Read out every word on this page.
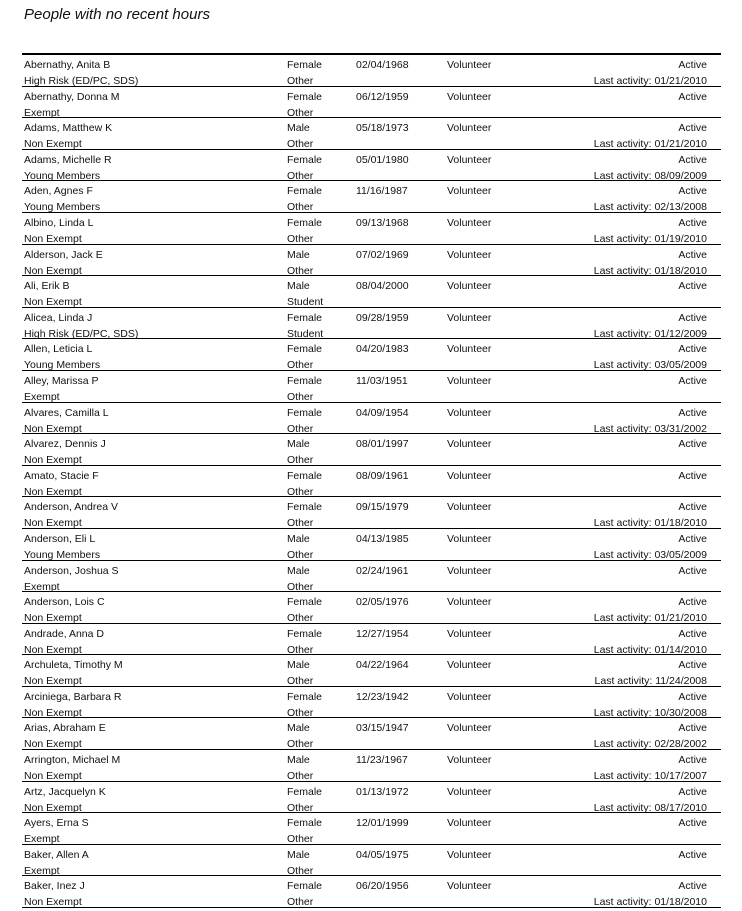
People with no recent hours
Abernathy, Anita B	Female	02/04/1968	Volunteer	Active
High Risk (ED/PC, SDS)	Other	Last activity: 01/21/2010
Abernathy, Donna M	Female	06/12/1959	Volunteer	Active
Exempt	Other
Adams, Matthew K	Male	05/18/1973	Volunteer	Active
Non Exempt	Other	Last activity: 01/21/2010
Adams, Michelle R	Female	05/01/1980	Volunteer	Active
Young Members	Other	Last activity: 08/09/2009
Aden, Agnes F	Female	11/16/1987	Volunteer	Active
Young Members	Other	Last activity: 02/13/2008
Albino, Linda L	Female	09/13/1968	Volunteer	Active
Non Exempt	Other	Last activity: 01/19/2010
Alderson, Jack E	Male	07/02/1969	Volunteer	Active
Non Exempt	Other	Last activity: 01/18/2010
Ali, Erik B	Male	08/04/2000	Volunteer	Active
Non Exempt	Student
Alicea, Linda J	Female	09/28/1959	Volunteer	Active
High Risk (ED/PC, SDS)	Student	Last activity: 01/12/2009
Allen, Leticia L	Female	04/20/1983	Volunteer	Active
Young Members	Other	Last activity: 03/05/2009
Alley, Marissa P	Female	11/03/1951	Volunteer	Active
Exempt	Other
Alvares, Camilla L	Female	04/09/1954	Volunteer	Active
Non Exempt	Other	Last activity: 03/31/2002
Alvarez, Dennis J	Male	08/01/1997	Volunteer	Active
Non Exempt	Other
Amato, Stacie F	Female	08/09/1961	Volunteer	Active
Non Exempt	Other
Anderson, Andrea V	Female	09/15/1979	Volunteer	Active
Non Exempt	Other	Last activity: 01/18/2010
Anderson, Eli L	Male	04/13/1985	Volunteer	Active
Young Members	Other	Last activity: 03/05/2009
Anderson, Joshua S	Male	02/24/1961	Volunteer	Active
Exempt	Other
Anderson, Lois C	Female	02/05/1976	Volunteer	Active
Non Exempt	Other	Last activity: 01/21/2010
Andrade, Anna D	Female	12/27/1954	Volunteer	Active
Non Exempt	Other	Last activity: 01/14/2010
Archuleta, Timothy M	Male	04/22/1964	Volunteer	Active
Non Exempt	Other	Last activity: 11/24/2008
Arciniega, Barbara R	Female	12/23/1942	Volunteer	Active
Non Exempt	Other	Last activity: 10/30/2008
Arias, Abraham E	Male	03/15/1947	Volunteer	Active
Non Exempt	Other	Last activity: 02/28/2002
Arrington, Michael M	Male	11/23/1967	Volunteer	Active
Non Exempt	Other	Last activity: 10/17/2007
Artz, Jacquelyn K	Female	01/13/1972	Volunteer	Active
Non Exempt	Other	Last activity: 08/17/2010
Ayers, Erna S	Female	12/01/1999	Volunteer	Active
Exempt	Other
Baker, Allen A	Male	04/05/1975	Volunteer	Active
Exempt	Other
Baker, Inez J	Female	06/20/1956	Volunteer	Active
Non Exempt	Other	Last activity: 01/18/2010
